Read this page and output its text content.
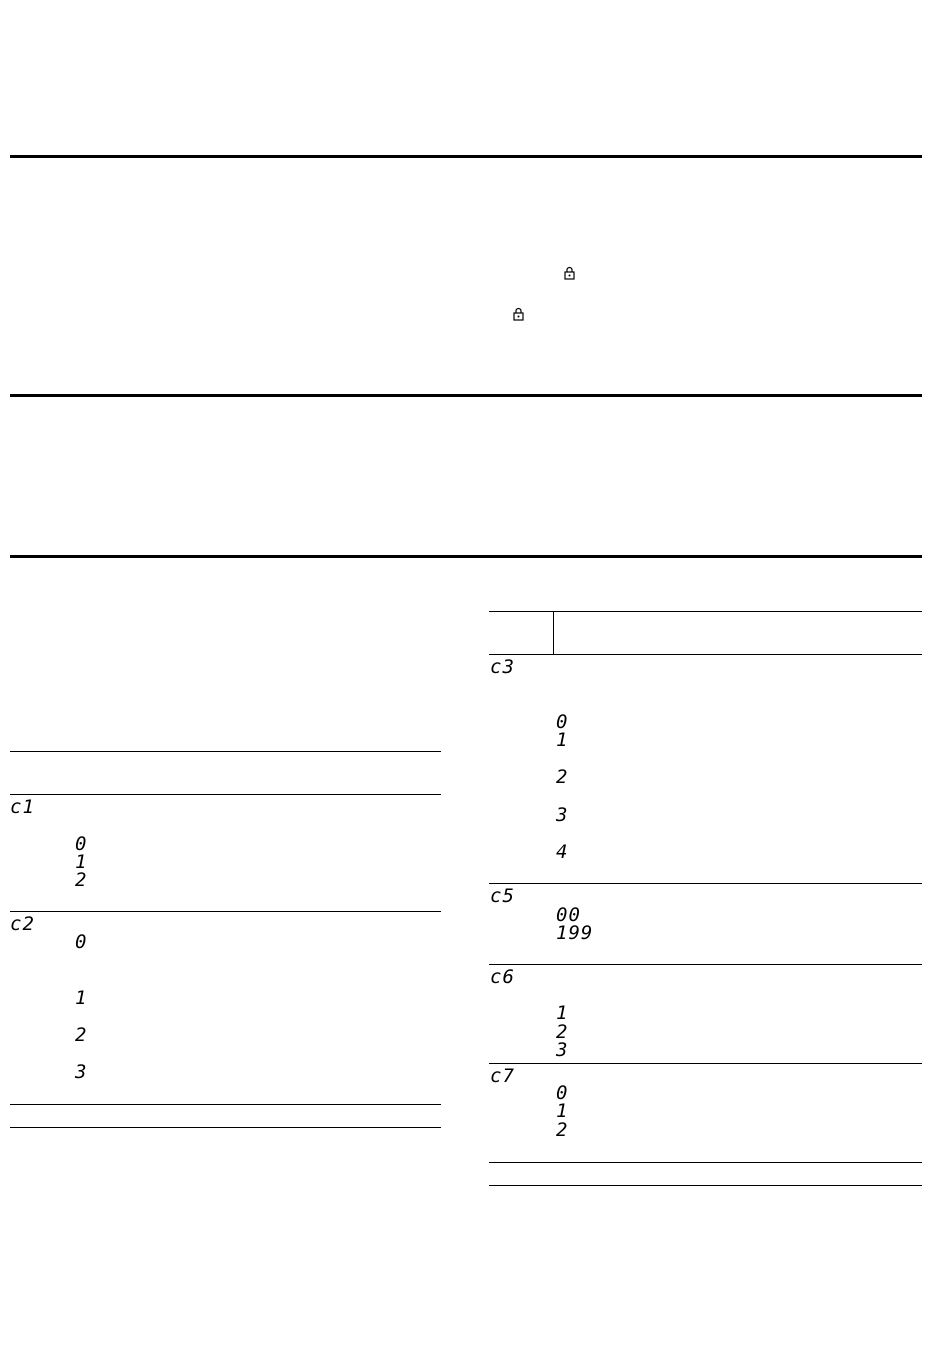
c1
0
1
2
c2
0
1
2
3
c3
0
1
2
3
4
c5
00
199
c6
1
2
3
c7
0
1
2
